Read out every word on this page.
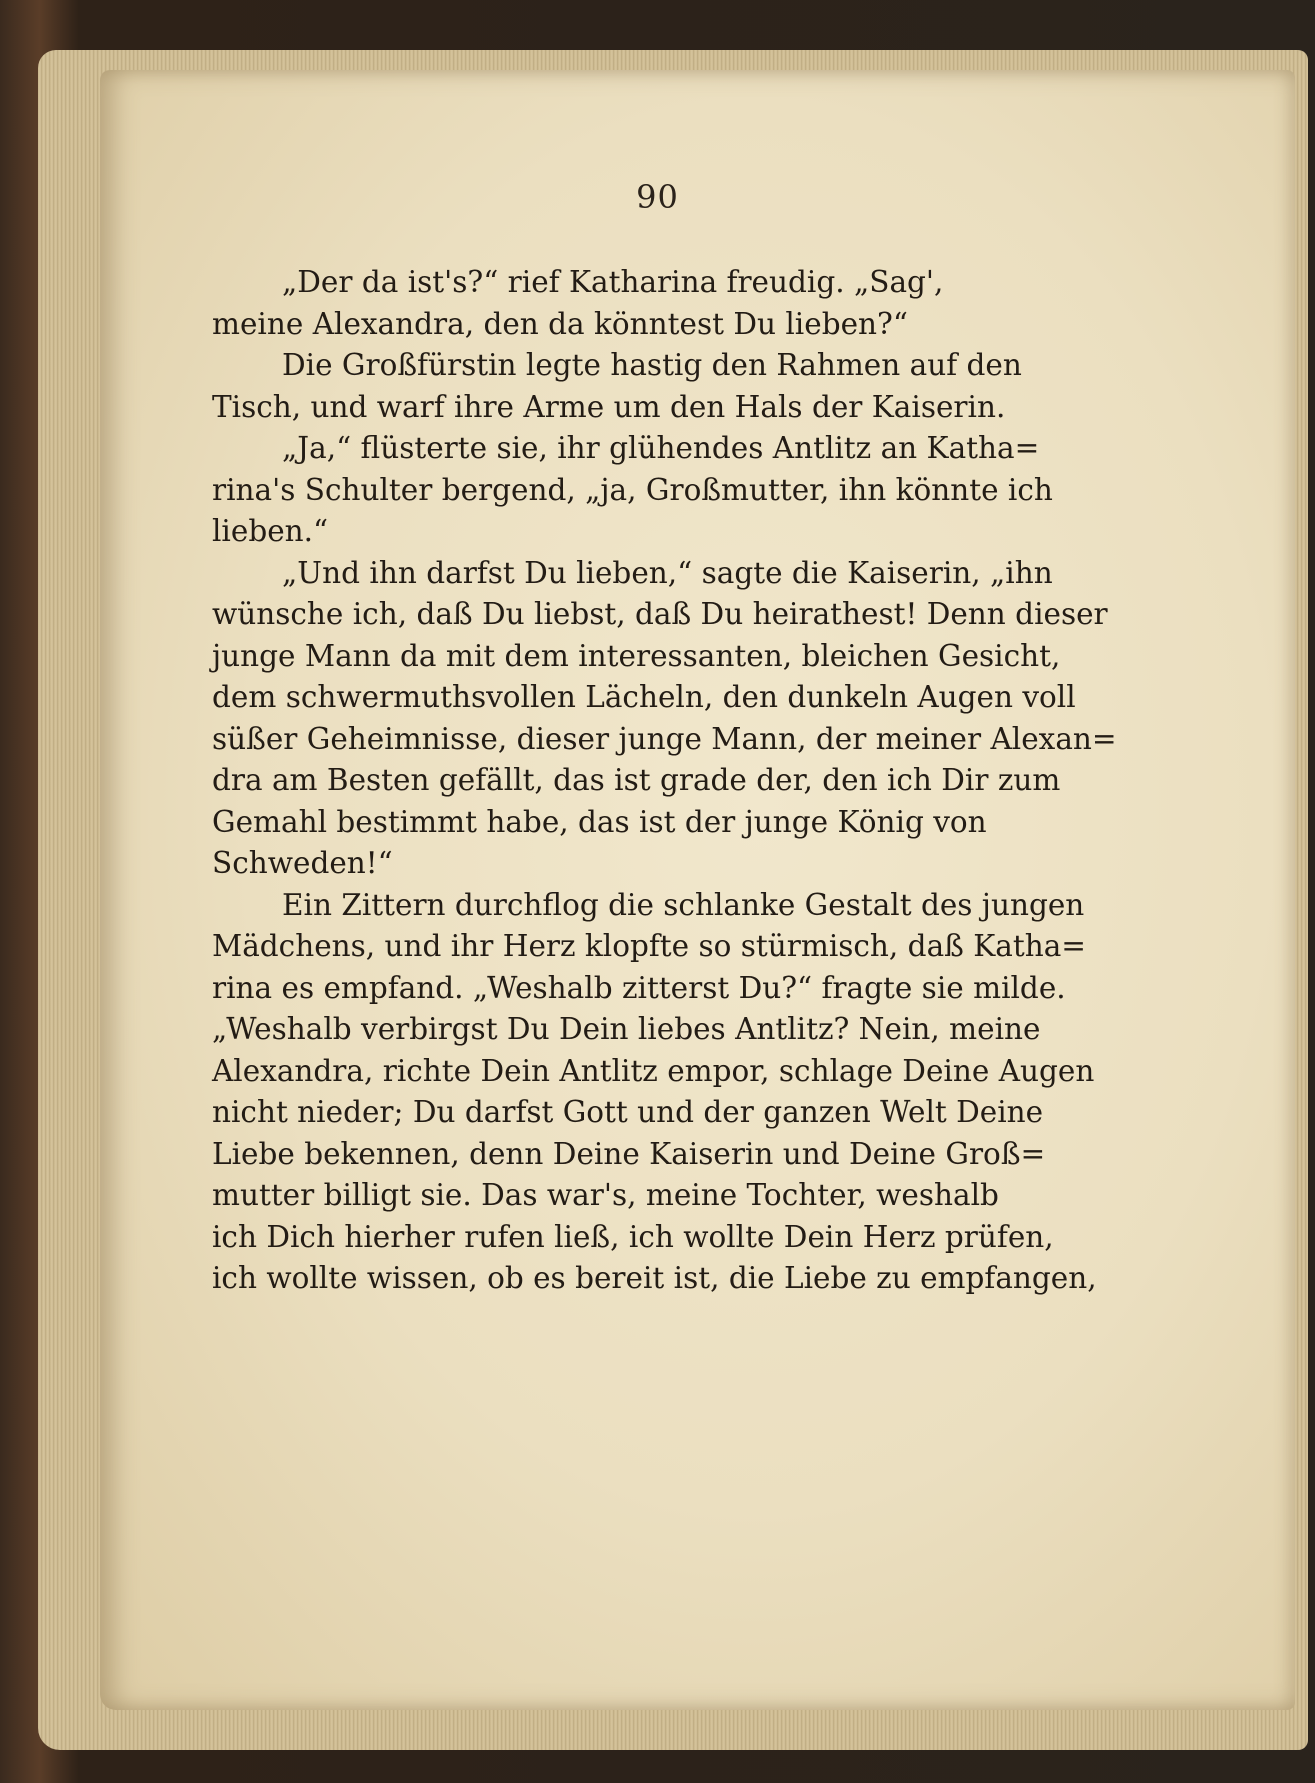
90
„Der da ist's?“ rief Katharina freudig. „Sag',
meine Alexandra, den da könntest Du lieben?“
Die Großfürstin legte hastig den Rahmen auf den
Tisch, und warf ihre Arme um den Hals der Kaiserin.
„Ja,“ flüsterte sie, ihr glühendes Antlitz an Katha=
rina's Schulter bergend, „ja, Großmutter, ihn könnte ich
lieben.“
„Und ihn darfst Du lieben,“ sagte die Kaiserin, „ihn
wünsche ich, daß Du liebst, daß Du heirathest! Denn dieser
junge Mann da mit dem interessanten, bleichen Gesicht,
dem schwermuthsvollen Lächeln, den dunkeln Augen voll
süßer Geheimnisse, dieser junge Mann, der meiner Alexan=
dra am Besten gefällt, das ist grade der, den ich Dir zum
Gemahl bestimmt habe, das ist der junge König von
Schweden!“
Ein Zittern durchflog die schlanke Gestalt des jungen
Mädchens, und ihr Herz klopfte so stürmisch, daß Katha=
rina es empfand. „Weshalb zitterst Du?“ fragte sie milde.
„Weshalb verbirgst Du Dein liebes Antlitz? Nein, meine
Alexandra, richte Dein Antlitz empor, schlage Deine Augen
nicht nieder; Du darfst Gott und der ganzen Welt Deine
Liebe bekennen, denn Deine Kaiserin und Deine Groß=
mutter billigt sie. Das war's, meine Tochter, weshalb
ich Dich hierher rufen ließ, ich wollte Dein Herz prüfen,
ich wollte wissen, ob es bereit ist, die Liebe zu empfangen,
